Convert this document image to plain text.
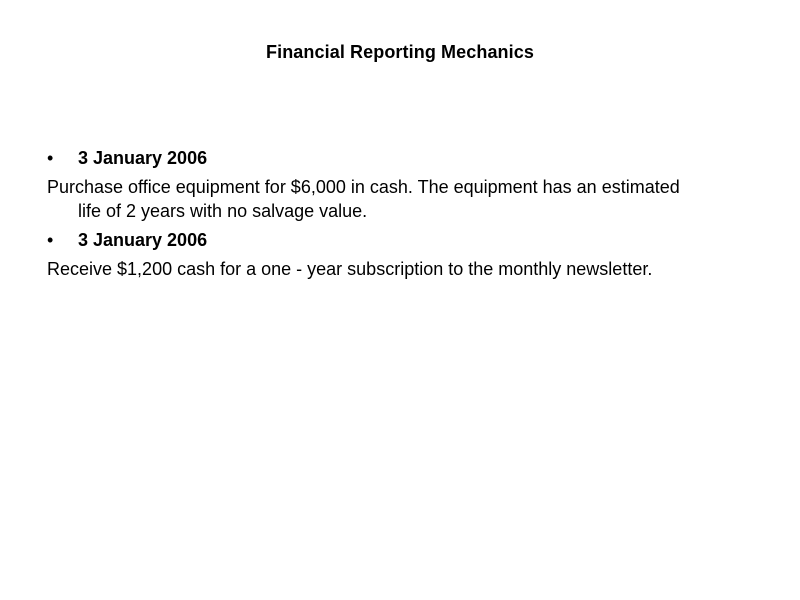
Financial Reporting Mechanics
•	3 January 2006
Purchase office equipment for $6,000 in cash. The equipment has an estimated
life of 2 years with no salvage value.
•	3 January 2006
Receive $1,200 cash for a one - year subscription to the monthly newsletter.
